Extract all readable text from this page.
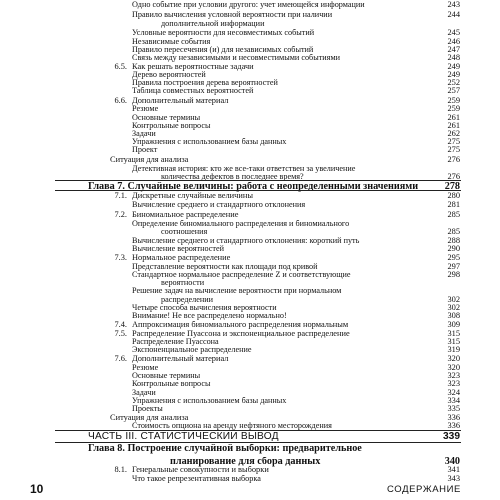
Одно событие при условии другого: учет имеющейся информации	243
Правило вычисления условной вероятности при наличии	244
дополнительной информации
Условные вероятности для несовместимых событий	245
Независимые события	246
Правило пересечения (и) для независимых событий	247
Связь между независимыми и несовместимыми событиями	248
6.5. Как решать вероятностные задачи	249
Дерево вероятностей	249
Правила построения дерева вероятностей	252
Таблица совместных вероятностей	257
6.6. Дополнительный материал	259
Резюме	259
Основные термины	261
Контрольные вопросы	261
Задачи	262
Упражнения с использованием базы данных	275
Проект	275
Ситуация для анализа	276
Детективная история: кто же все-таки ответствен за увеличение
количества дефектов в последнее время?	276
Глава 7. Случайные величины: работа с неопределенными значениями	278
7.1. Дискретные случайные величины	280
Вычисление среднего и стандартного отклонения	281
7.2. Биномиальное распределение	285
Определение биномиального распределения и биномиального
соотношения	285
Вычисление среднего и стандартного отклонения: короткий путь	288
Вычисление вероятностей	290
7.3. Нормальное распределение	295
Представление вероятности как площади под кривой	297
Стандартное нормальное распределение Z и соответствующие	298
вероятности
Решение задач на вычисление вероятности при нормальном
распределении	302
Четыре способа вычисления вероятности	302
Внимание! Не все распределено нормально!	308
7.4. Аппроксимация биномиального распределения нормальным	309
7.5. Распределение Пуассона и экспоненциальное распределение	315
Распределение Пуассона	315
Экспоненциальное распределение	319
7.6. Дополнительный материал	320
Резюме	320
Основные термины	323
Контрольные вопросы	323
Задачи	324
Упражнения с использованием базы данных	334
Проекты	335
Ситуация для анализа	336
Стоимость опциона на аренду нефтяного месторождения	336
ЧАСТЬ III. СТАТИСТИЧЕСКИЙ ВЫВОД	339
Глава 8. Построение случайной выборки: предварительное
планирование для сбора данных	340
8.1. Генеральные совокупности и выборки	341
Что такое репрезентативная выборка	343
10	СОДЕРЖАНИЕ
